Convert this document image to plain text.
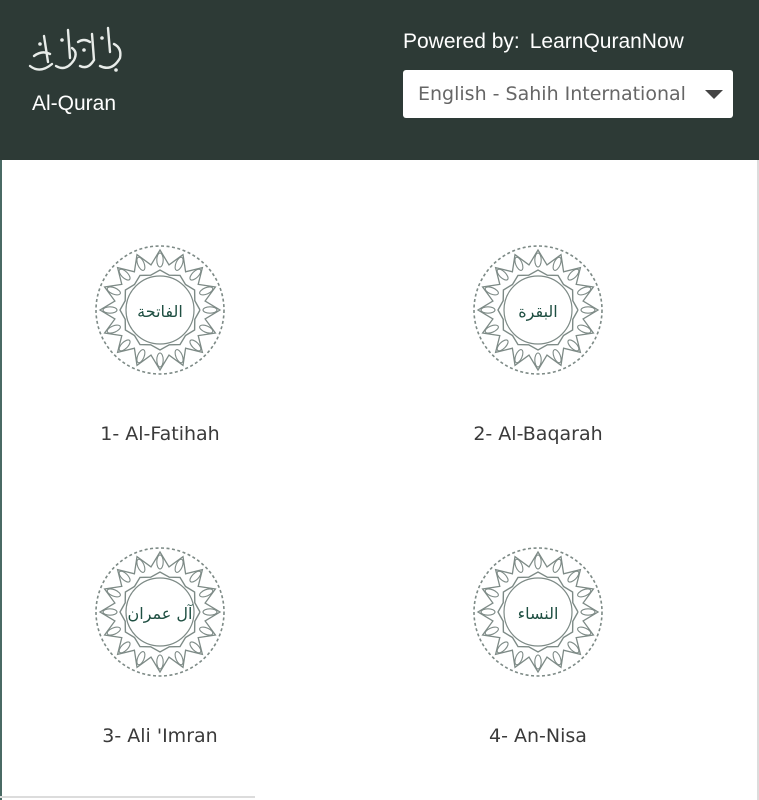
Al-Quran
Powered by: LearnQuranNow
English - Sahih International
الفاتحة
1- Al-Fatihah
البقرة
2- Al-Baqarah
آل عمران
3- Ali 'Imran
النساء
4- An-Nisa
